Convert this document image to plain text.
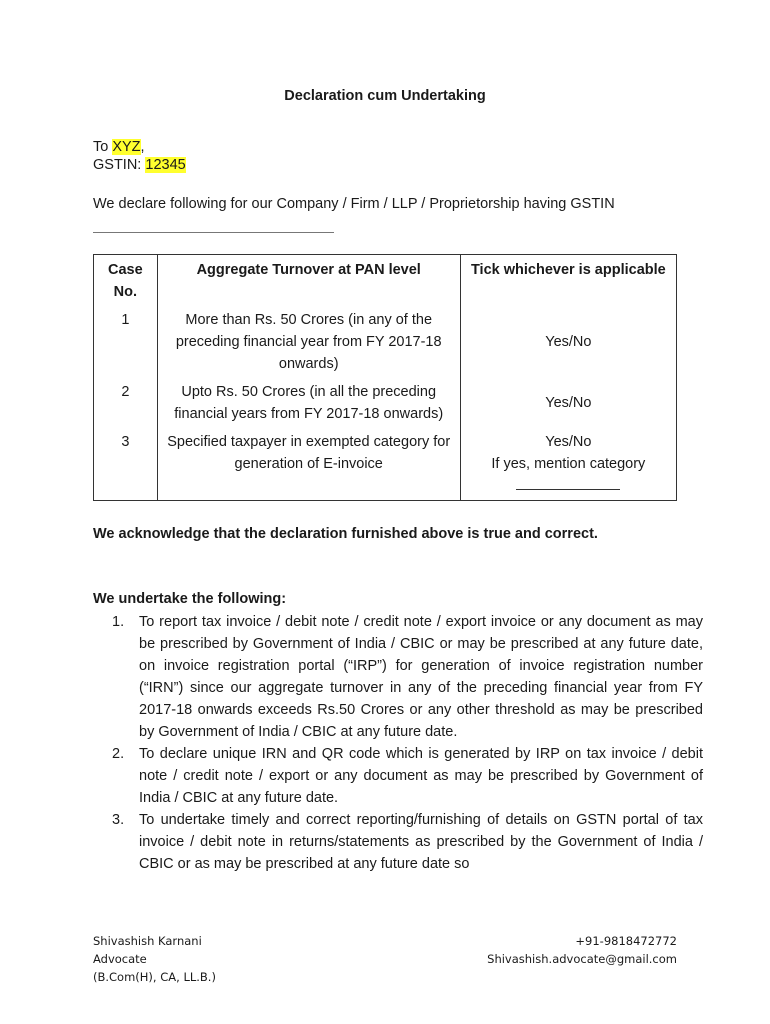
Declaration cum Undertaking
To XYZ,
GSTIN: 12345
We declare following for our Company / Firm / LLP / Proprietorship having GSTIN
Case No.	Aggregate Turnover at PAN level	Tick whichever is applicable
1	More than Rs. 50 Crores (in any of the preceding financial year from FY 2017-18 onwards)	Yes/No
2	Upto Rs. 50 Crores (in all the preceding financial years from FY 2017-18 onwards)	Yes/No
3	Specified taxpayer in exempted category for generation of E-invoice	Yes/No
If yes, mention category
We acknowledge that the declaration furnished above is true and correct.
We undertake the following:
1. To report tax invoice / debit note / credit note / export invoice or any document as may be prescribed by Government of India / CBIC or may be prescribed at any future date, on invoice registration portal (“IRP”) for generation of invoice registration number (“IRN”) since our aggregate turnover in any of the preceding financial year from FY 2017-18 onwards exceeds Rs.50 Crores or any other threshold as may be prescribed by Government of India / CBIC at any future date.
2. To declare unique IRN and QR code which is generated by IRP on tax invoice / debit note / credit note / export or any document as may be prescribed by Government of India / CBIC at any future date.
3. To undertake timely and correct reporting/furnishing of details on GSTN portal of tax invoice / debit note in returns/statements as prescribed by the Government of India / CBIC or as may be prescribed at any future date so
Shivashish Karnani
Advocate
(B.Com(H), CA, LL.B.)
+91-9818472772
Shivashish.advocate@gmail.com
